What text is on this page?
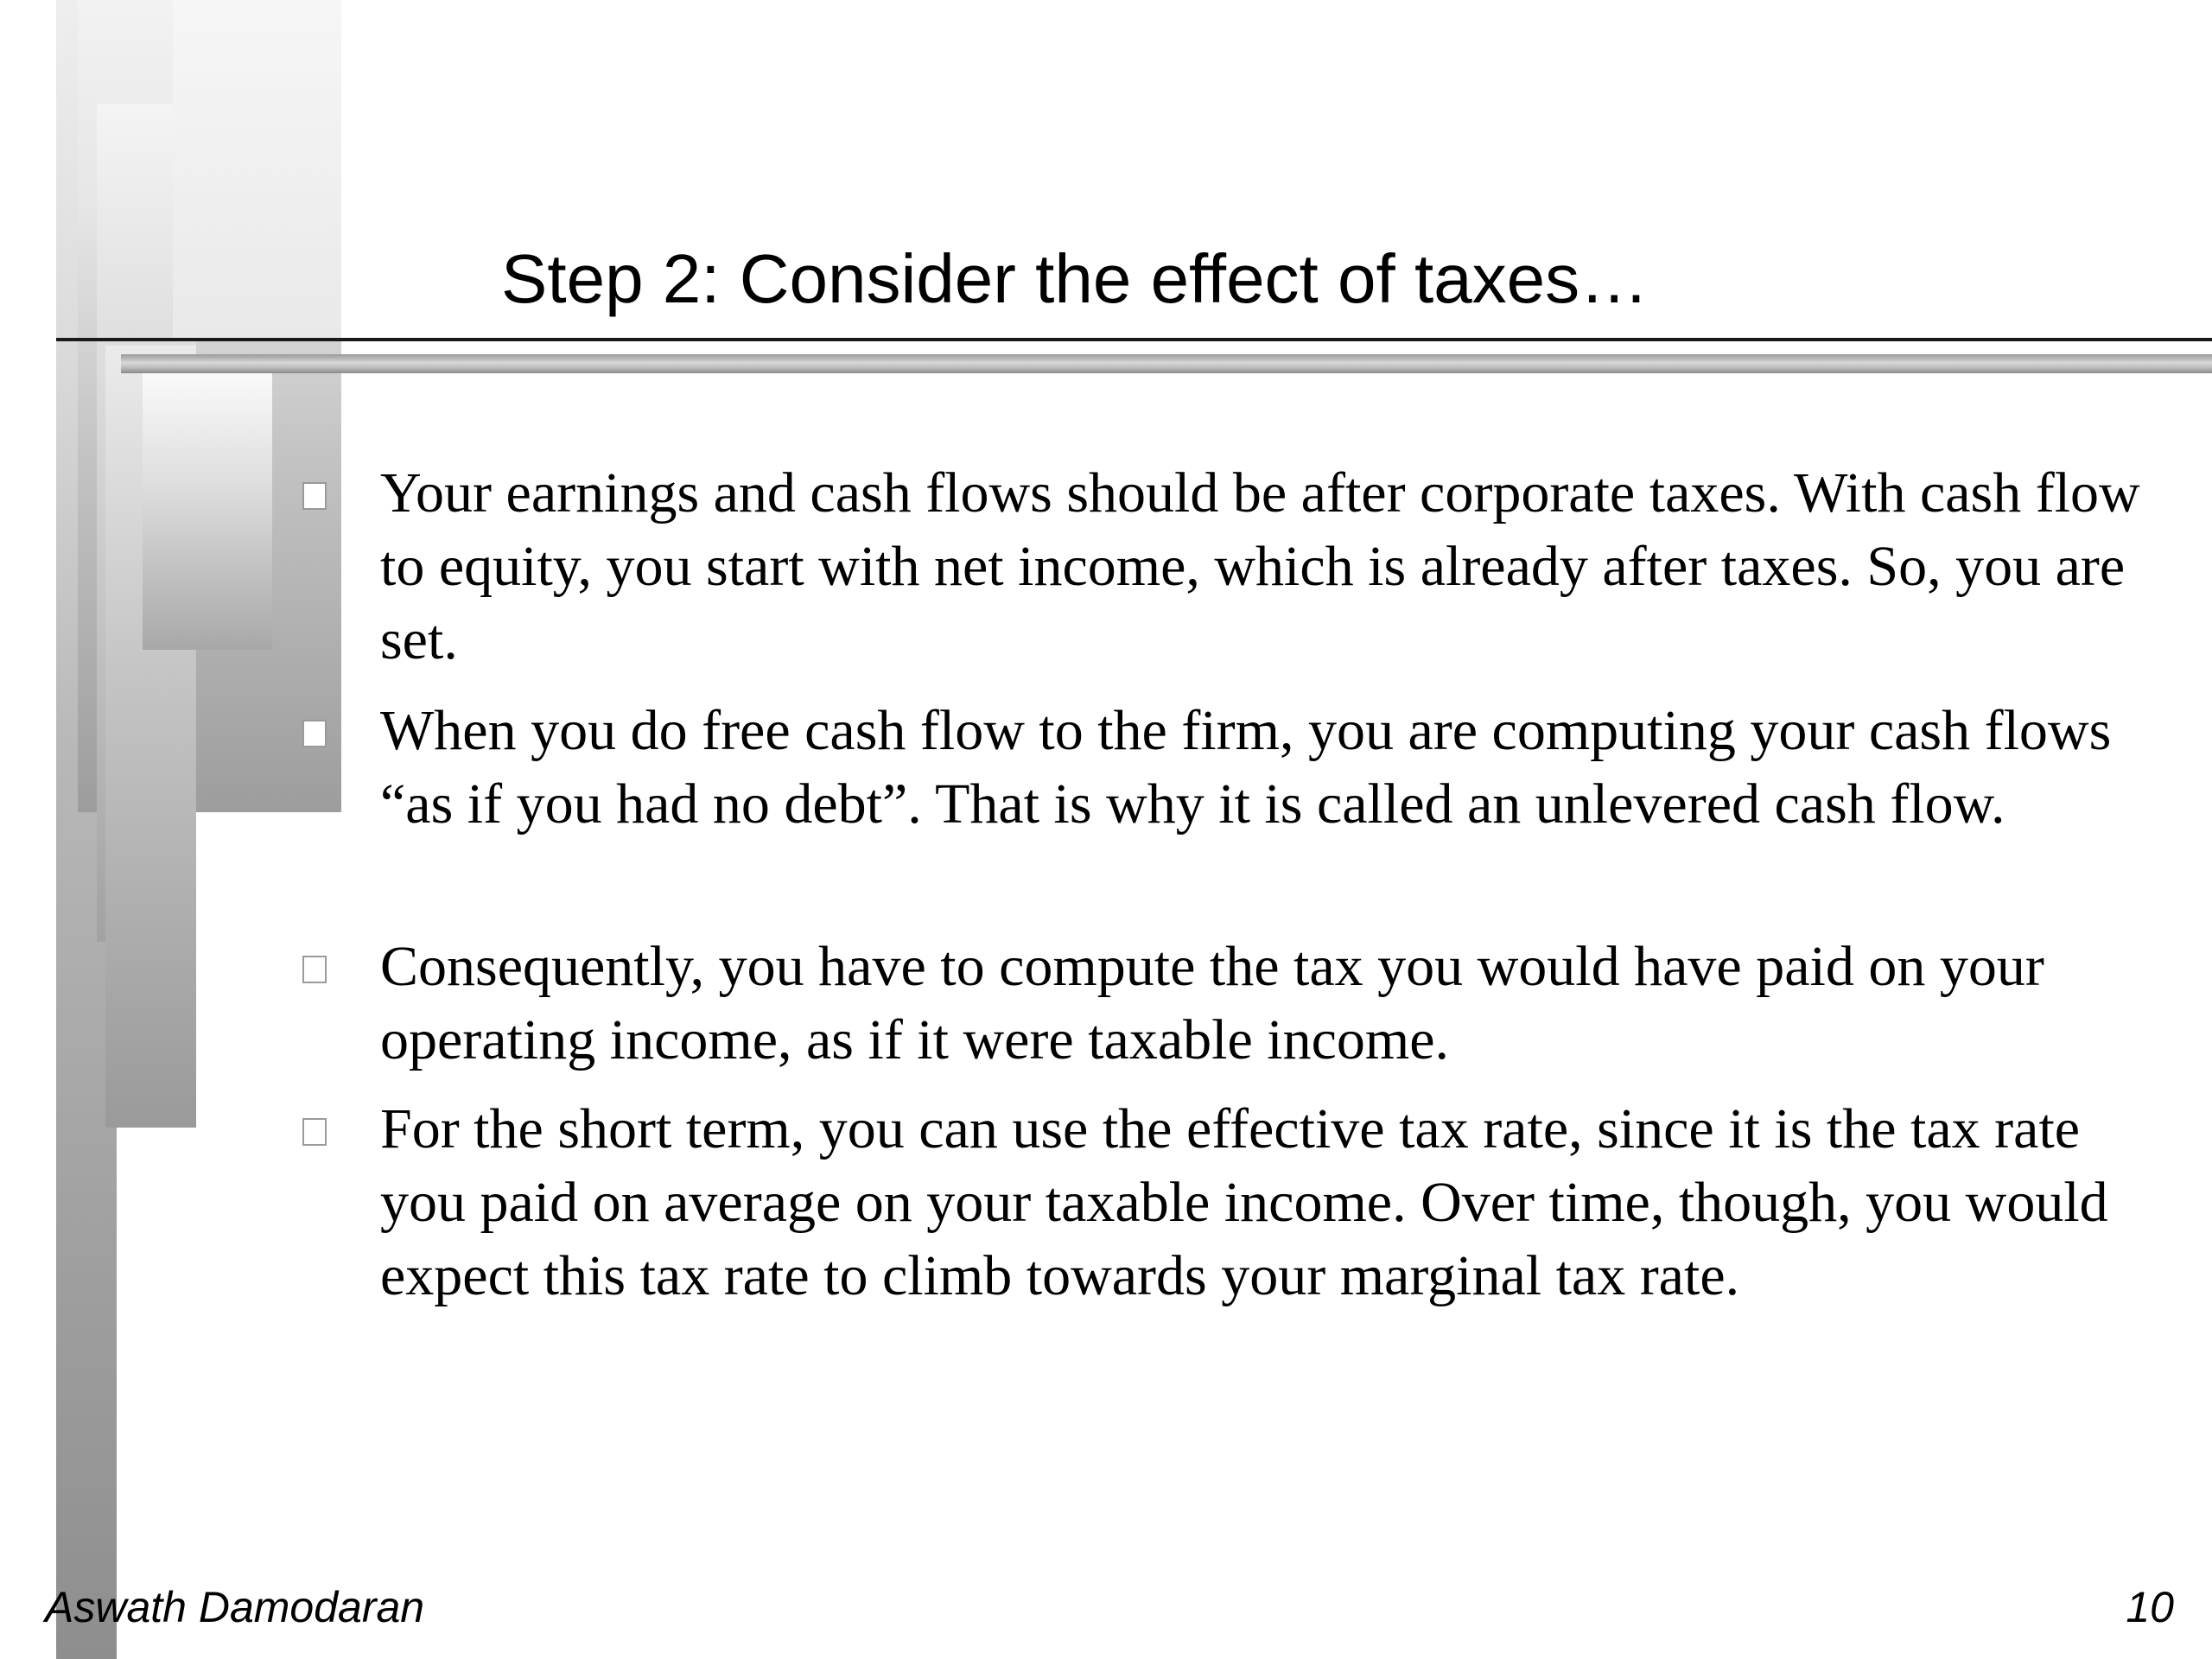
Step 2: Consider the effect of taxes…
Your earnings and cash flows should be after corporate taxes. With cash flow to equity, you start with net income, which is already after taxes. So, you are set.
When you do free cash flow to the firm, you are computing your cash flows “as if you had no debt”. That is why it is called an unlevered cash flow.
Consequently, you have to compute the tax you would have paid on your operating income, as if it were taxable income.
For the short term, you can use the effective tax rate, since it is the tax rate you paid on average on your taxable income. Over time, though, you would expect this tax rate to climb towards your marginal tax rate.

Aswath Damodaran	10
